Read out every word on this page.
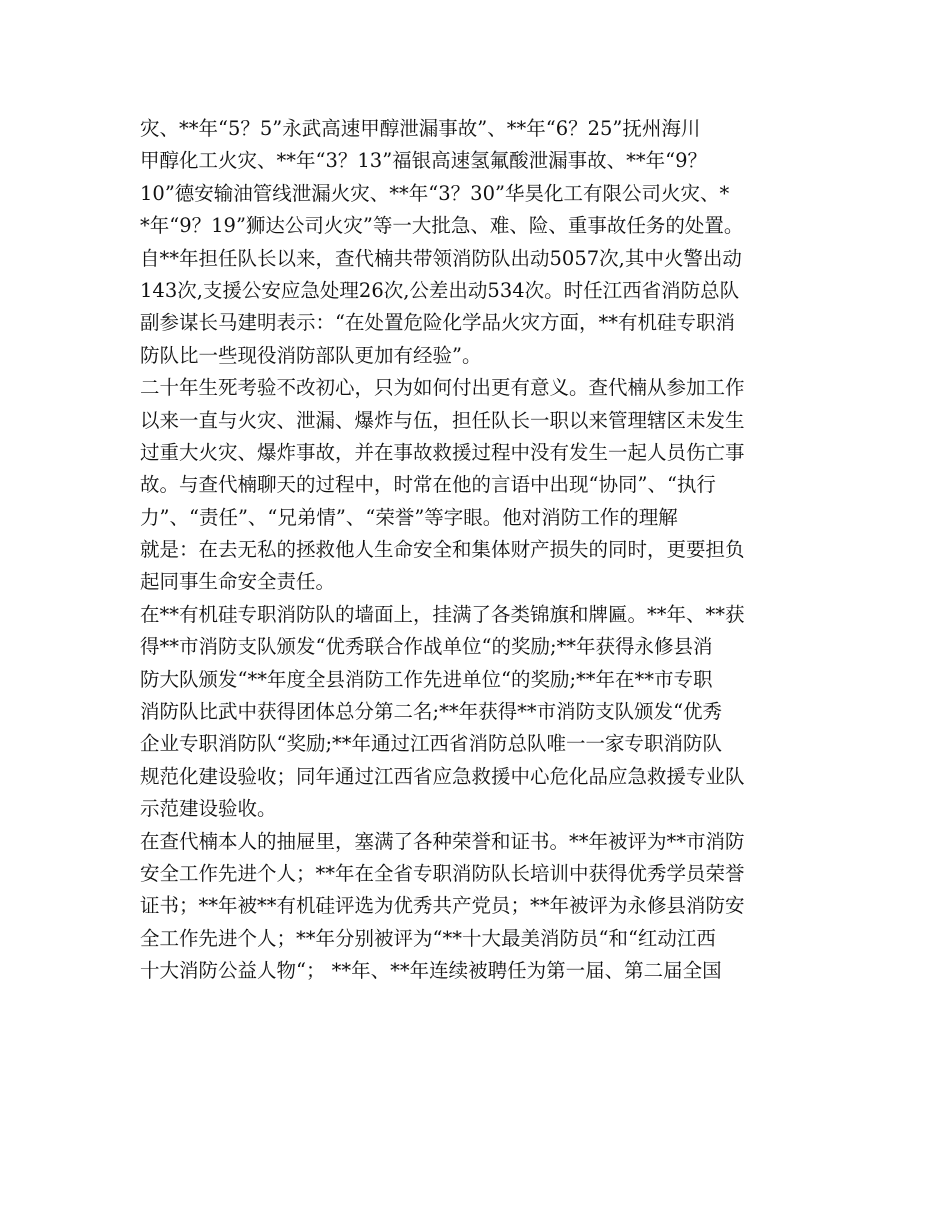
灾、**年“5？5”永武高速甲醇泄漏事故”、**年“6？25”抚州海川
甲醇化工火灾、**年“3？13”福银高速氢氟酸泄漏事故、**年“9？
10”德安输油管线泄漏火灾、**年“3？30”华昊化工有限公司火灾、*
*年“9？19”狮达公司火灾”等一大批急、难、险、重事故任务的处置。
自**年担任队长以来，查代楠共带领消防队出动5057次,其中火警出动
143次,支援公安应急处理26次,公差出动534次。时任江西省消防总队
副参谋长马建明表示：“在处置危险化学品火灾方面，**有机硅专职消
防队比一些现役消防部队更加有经验”。
二十年生死考验不改初心，只为如何付出更有意义。查代楠从参加工作
以来一直与火灾、泄漏、爆炸与伍，担任队长一职以来管理辖区未发生
过重大火灾、爆炸事故，并在事故救援过程中没有发生一起人员伤亡事
故。与查代楠聊天的过程中，时常在他的言语中出现“协同”、“执行
力”、“责任”、“兄弟情”、“荣誉”等字眼。他对消防工作的理解
就是：在去无私的拯救他人生命安全和集体财产损失的同时，更要担负
起同事生命安全责任。
在**有机硅专职消防队的墙面上，挂满了各类锦旗和牌匾。**年、**获
得**市消防支队颁发“优秀联合作战单位“的奖励;**年获得永修县消
防大队颁发“**年度全县消防工作先进单位“的奖励;**年在**市专职
消防队比武中获得团体总分第二名;**年获得**市消防支队颁发“优秀
企业专职消防队“奖励;**年通过江西省消防总队唯一一家专职消防队
规范化建设验收；同年通过江西省应急救援中心危化品应急救援专业队
示范建设验收。
在查代楠本人的抽屉里，塞满了各种荣誉和证书。**年被评为**市消防
安全工作先进个人；**年在全省专职消防队长培训中获得优秀学员荣誉
证书；**年被**有机硅评选为优秀共产党员；**年被评为永修县消防安
全工作先进个人；**年分别被评为“**十大最美消防员“和“红动江西
十大消防公益人物“； **年、**年连续被聘任为第一届、第二届全国
